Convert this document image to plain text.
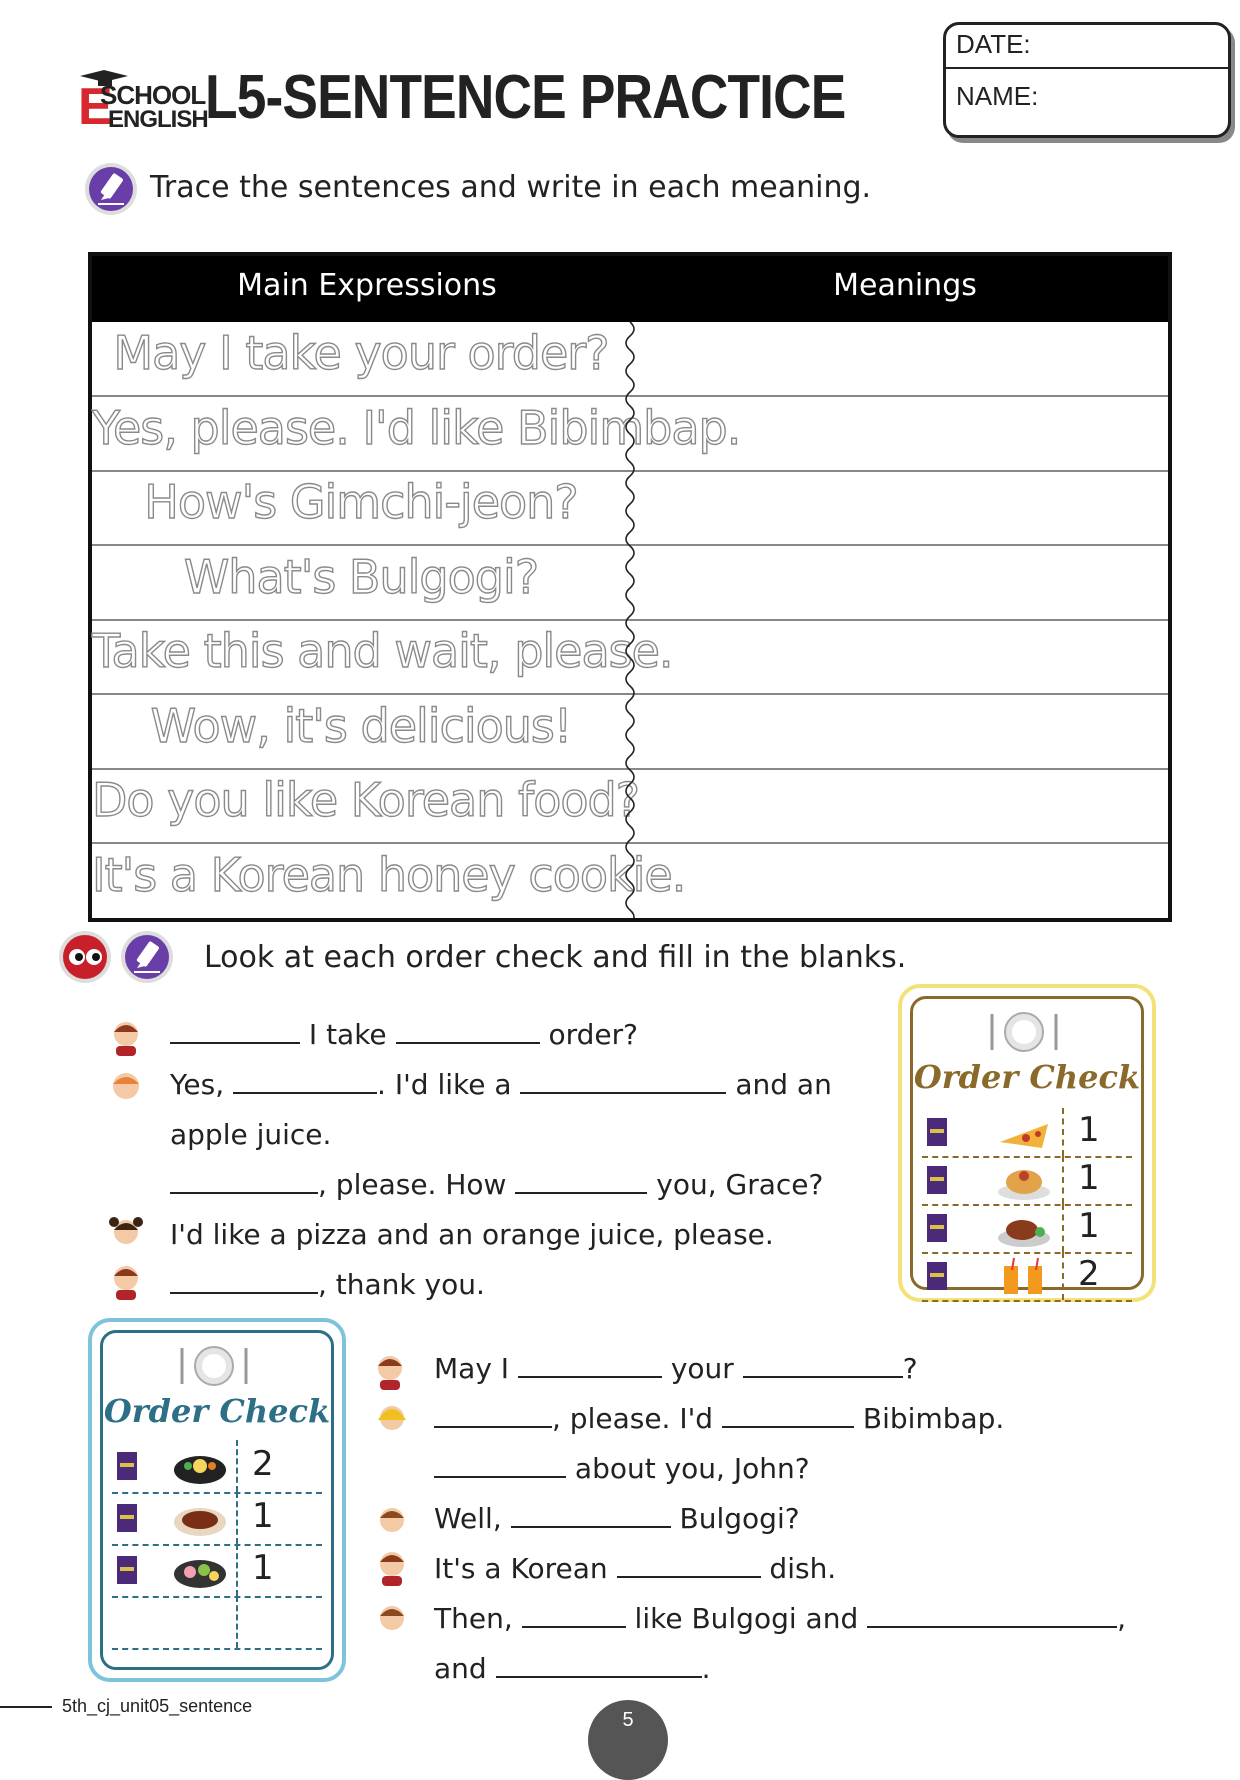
E
SCHOOL
ENGLISH
L5-SENTENCE PRACTICE
DATE:
NAME:
Trace the sentences and write in each meaning.
Main Expressions	Meanings
May I take your order?
Yes, please. I'd like Bibimbap.
How's Gimchi-jeon?
What's Bulgogi?
Take this and wait, please.
Wow, it's delicious!
Do you like Korean food?
It's a Korean honey cookie.
Look at each order check and fill in the blanks.
I take	order?
Yes,	. I'd like a	and an
apple juice.
, please. How	you, Grace?
I'd like a pizza and an orange juice, please.
, thank you.
Order Check
1
1
1
2
Order Check
2
1
1
May I	your	?
, please. I'd	Bibimbap.
about you, John?
Well,	Bulgogi?
It's a Korean	dish.
Then,	like Bulgogi and	,
and	.
5th_cj_unit05_sentence
5
